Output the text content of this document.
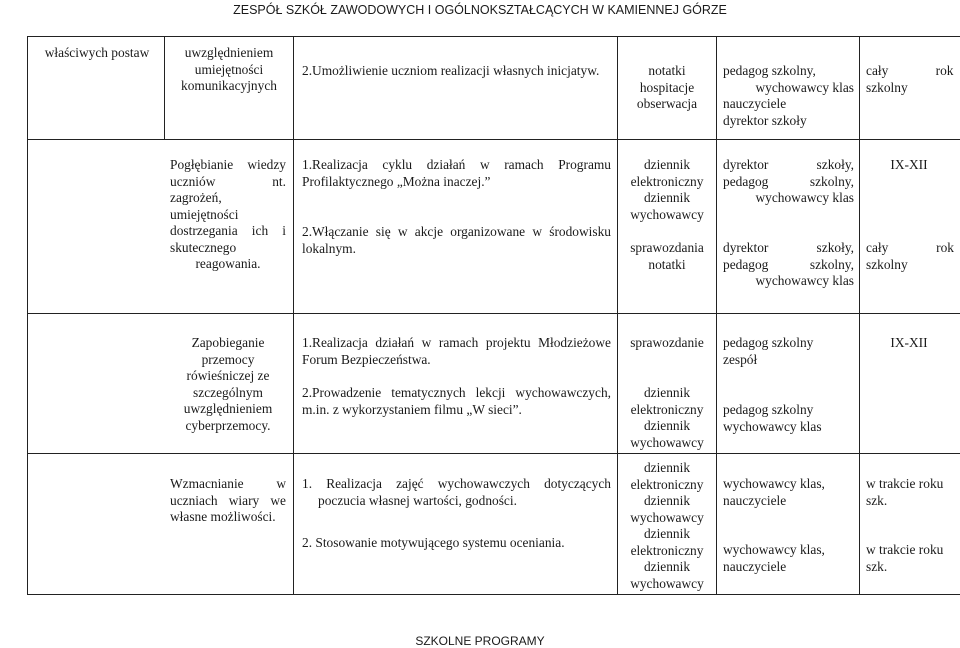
ZESPÓŁ SZKÓŁ ZAWODOWYCH I OGÓLNOKSZTAŁCĄCYCH W KAMIENNEJ GÓRZE

właściwych postaw	uwzględnieniem umiejętności komunikacyjnych

2.Umożliwienie uczniom realizacji własnych inicjatyw.	notatki

hospitacje

obserwacja

pedagog szkolny,

wychowawcy klas

nauczyciele

dyrektor szkoły

cały rok

szkolny

Pogłębianie wiedzy uczniów nt. zagrożeń, umiejętności dostrzegania ich i skutecznego reagowania.

1.Realizacja cyklu działań w ramach Programu Profilaktycznego „Można inaczej.”

2.Włączanie się w akcje organizowane w środowisku lokalnym.

dziennik

elektroniczny

dziennik

wychowawcy

sprawozdania

notatki

dyrektor szkoły,

pedagog szkolny,

wychowawcy klas

dyrektor szkoły,

pedagog szkolny,

wychowawcy klas

IX-XII

cały rok

szkolny

Zapobieganie

przemocy

rówieśniczej ze

szczególnym

uwzględnieniem

cyberprzemocy.

1.Realizacja działań w ramach projektu Młodzieżowe Forum Bezpieczeństwa.

2.Prowadzenie tematycznych lekcji wychowawczych, m.in. z wykorzystaniem filmu „W sieci”.

sprawozdanie

dziennik

elektroniczny

dziennik

wychowawcy

pedagog szkolny

zespół

pedagog szkolny

wychowawcy klas

IX-XII

Wzmacnianie w uczniach wiary we własne możliwości.

1. Realizacja zajęć wychowawczych dotyczących poczucia własnej wartości, godności.

2. Stosowanie motywującego systemu oceniania.

dziennik

elektroniczny

dziennik

wychowawcy

dziennik

elektroniczny

dziennik

wychowawcy

wychowawcy klas,

nauczyciele

wychowawcy klas,

nauczyciele

w trakcie roku

szk.

w trakcie roku

szk.

SZKOLNE PROGRAMY
